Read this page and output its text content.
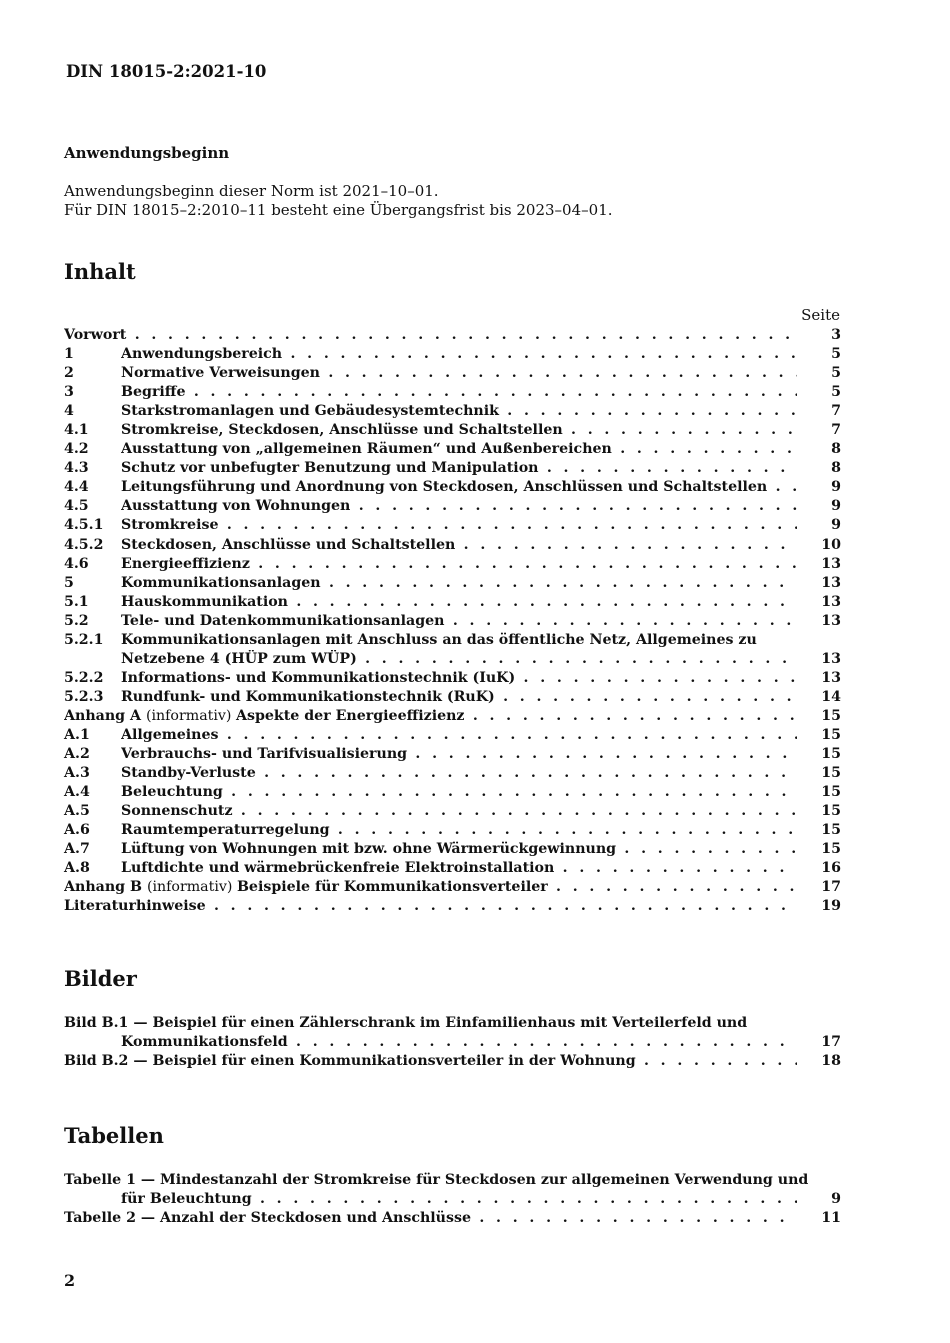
DIN 18015-2:2021-10
Anwendungsbeginn
Anwendungsbeginn dieser Norm ist 2021–10–01.
Für DIN 18015–2:2010–11 besteht eine Übergangsfrist bis 2023–04–01.
Inhalt
Seite
Vorwort . . .	3
1	Anwendungsbereich . . .	5
2	Normative Verweisungen . . .	5
3	Begriffe . . .	5
4	Starkstromanlagen und Gebäudesystemtechnik . . .	7
4.1 Stromkreise, Steckdosen, Anschlüsse und Schaltstellen . . .	7
4.2 Ausstattung von „allgemeinen Räumen“ und Außenbereichen . . .	8
4.3 Schutz vor unbefugter Benutzung und Manipulation . . .	8
4.4 Leitungsführung und Anordnung von Steckdosen, Anschlüssen und Schaltstellen . . .	9
4.5 Ausstattung von Wohnungen . . .	9
4.5.1 Stromkreise . . .	9
4.5.2 Steckdosen, Anschlüsse und Schaltstellen . . .	10
4.6 Energieeffizienz . . .	13
5	Kommunikationsanlagen . . .	13
5.1 Hauskommunikation . . .	13
5.2 Tele- und Datenkommunikationsanlagen . . .	13
5.2.1 Kommunikationsanlagen mit Anschluss an das öffentliche Netz, Allgemeines zu
Netzebene 4 (HÜP zum WÜP) . . .	13
5.2.2 Informations- und Kommunikationstechnik (IuK) . . .	13
5.2.3 Rundfunk- und Kommunikationstechnik (RuK) . . .	14
Anhang A (informativ) Aspekte der Energieeffizienz . . .	15
A.1 Allgemeines . . .	15
A.2 Verbrauchs- und Tarifvisualisierung . . .	15
A.3 Standby-Verluste . . .	15
A.4 Beleuchtung . . .	15
A.5 Sonnenschutz . . .	15
A.6 Raumtemperaturregelung . . .	15
A.7 Lüftung von Wohnungen mit bzw. ohne Wärmerückgewinnung . . .	15
A.8 Luftdichte und wärmebrückenfreie Elektroinstallation . . .	16
Anhang B (informativ) Beispiele für Kommunikationsverteiler . . .	17
Literaturhinweise . . .	19
Bilder
Bild B.1 — Beispiel für einen Zählerschrank im Einfamilienhaus mit Verteilerfeld und
Kommunikationsfeld . . .	17
Bild B.2 — Beispiel für einen Kommunikationsverteiler in der Wohnung . . .	18
Tabellen
Tabelle 1 — Mindestanzahl der Stromkreise für Steckdosen zur allgemeinen Verwendung und
für Beleuchtung . . .	9
Tabelle 2 — Anzahl der Steckdosen und Anschlüsse . . .	11
2
